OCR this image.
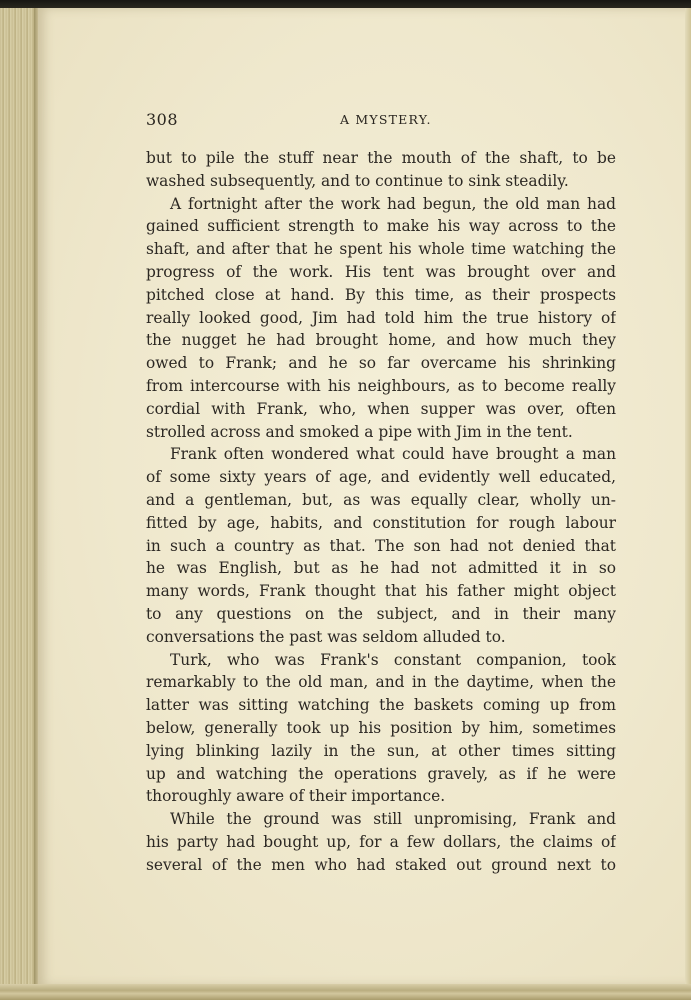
308	A MYSTERY.
but to pile the stuff near the mouth of the shaft, to be
washed subsequently, and to continue to sink steadily.
A fortnight after the work had begun, the old man had
gained sufficient strength to make his way across to the
shaft, and after that he spent his whole time watching the
progress of the work. His tent was brought over and
pitched close at hand. By this time, as their prospects
really looked good, Jim had told him the true history of
the nugget he had brought home, and how much they
owed to Frank; and he so far overcame his shrinking
from intercourse with his neighbours, as to become really
cordial with Frank, who, when supper was over, often
strolled across and smoked a pipe with Jim in the tent.
Frank often wondered what could have brought a man
of some sixty years of age, and evidently well educated,
and a gentleman, but, as was equally clear, wholly un-
fitted by age, habits, and constitution for rough labour
in such a country as that. The son had not denied that
he was English, but as he had not admitted it in so
many words, Frank thought that his father might object
to any questions on the subject, and in their many
conversations the past was seldom alluded to.
Turk, who was Frank's constant companion, took
remarkably to the old man, and in the daytime, when the
latter was sitting watching the baskets coming up from
below, generally took up his position by him, sometimes
lying blinking lazily in the sun, at other times sitting
up and watching the operations gravely, as if he were
thoroughly aware of their importance.
While the ground was still unpromising, Frank and
his party had bought up, for a few dollars, the claims of
several of the men who had staked out ground next to
